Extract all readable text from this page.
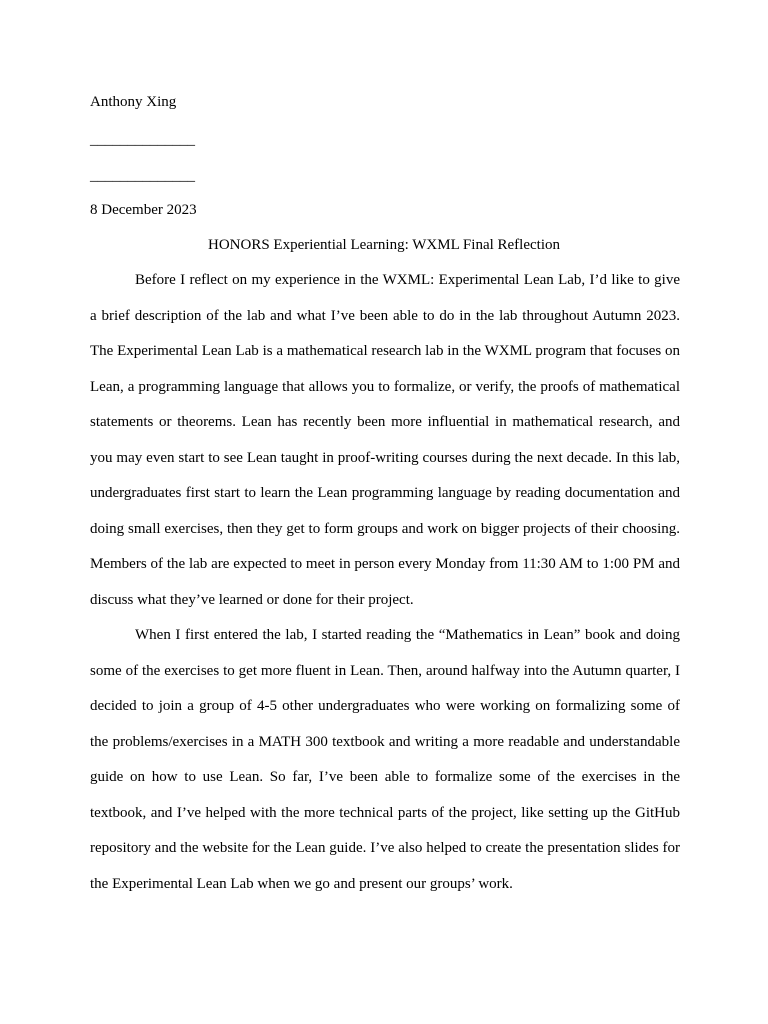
Anthony Xing

______________

______________

8 December 2023

HONORS Experiential Learning: WXML Final Reflection

Before I reflect on my experience in the WXML: Experimental Lean Lab, I’d like to give a brief description of the lab and what I’ve been able to do in the lab throughout Autumn 2023. The Experimental Lean Lab is a mathematical research lab in the WXML program that focuses on Lean, a programming language that allows you to formalize, or verify, the proofs of mathematical statements or theorems. Lean has recently been more influential in mathematical research, and you may even start to see Lean taught in proof-writing courses during the next decade. In this lab, undergraduates first start to learn the Lean programming language by reading documentation and doing small exercises, then they get to form groups and work on bigger projects of their choosing. Members of the lab are expected to meet in person every Monday from 11:30 AM to 1:00 PM and discuss what they’ve learned or done for their project.

When I first entered the lab, I started reading the “Mathematics in Lean” book and doing some of the exercises to get more fluent in Lean. Then, around halfway into the Autumn quarter, I decided to join a group of 4-5 other undergraduates who were working on formalizing some of the problems/exercises in a MATH 300 textbook and writing a more readable and understandable guide on how to use Lean. So far, I’ve been able to formalize some of the exercises in the textbook, and I’ve helped with the more technical parts of the project, like setting up the GitHub repository and the website for the Lean guide. I’ve also helped to create the presentation slides for the Experimental Lean Lab when we go and present our groups’ work.
